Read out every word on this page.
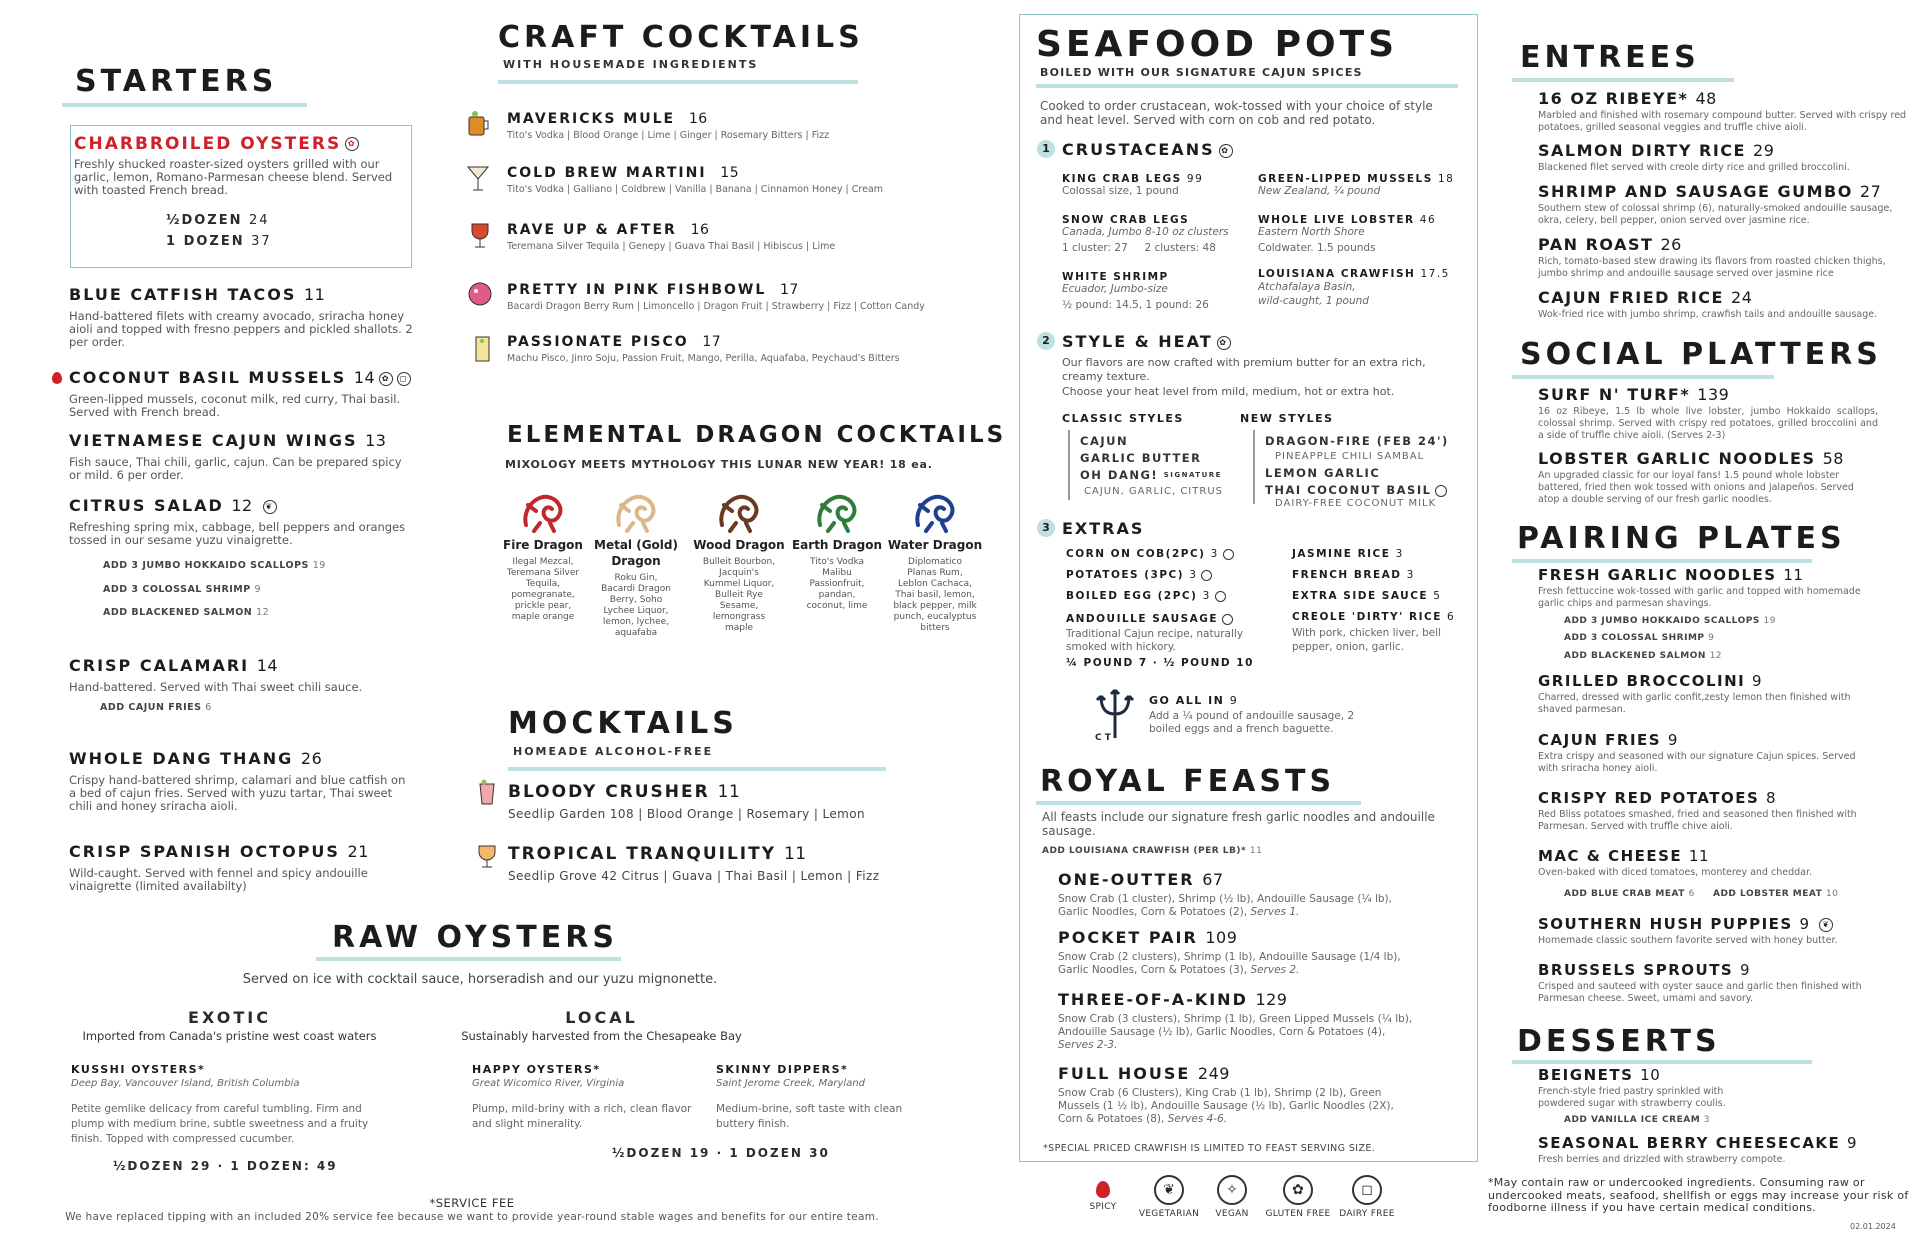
STARTERS
CHARBROILED OYSTERS ✿
Freshly shucked roaster-sized oysters grilled with our garlic, lemon, Romano-Parmesan cheese blend. Served with toasted French bread.
½DOZEN 24
1 DOZEN 37
BLUE CATFISH TACOS 11
Hand-battered filets with creamy avocado, sriracha honey aioli and topped with fresno peppers and pickled shallots. 2 per order.
COCONUT BASIL MUSSELS 14 ✿ ◻
Green-lipped mussels, coconut milk, red curry, Thai basil. Served with French bread.
VIETNAMESE CAJUN WINGS 13
Fish sauce, Thai chili, garlic, cajun. Can be prepared spicy or mild. 6 per order.
CITRUS SALAD 12 ❦
Refreshing spring mix, cabbage, bell peppers and oranges tossed in our sesame yuzu vinaigrette.
ADD 3 JUMBO HOKKAIDO SCALLOPS 19
ADD 3 COLOSSAL SHRIMP 9
ADD BLACKENED SALMON 12
CRISP CALAMARI 14
Hand-battered. Served with Thai sweet chili sauce.
ADD CAJUN FRIES 6
WHOLE DANG THANG 26
Crispy hand-battered shrimp, calamari and blue catfish on a bed of cajun fries. Served with yuzu tartar, Thai sweet chili and honey sriracha aioli.
CRISP SPANISH OCTOPUS 21
Wild-caught. Served with fennel and spicy andouille vinaigrette (limited availabilty)
CRAFT COCKTAILS
WITH HOUSEMADE INGREDIENTS
MAVERICKS MULE 16
Tito's Vodka | Blood Orange | Lime | Ginger | Rosemary Bitters | Fizz
COLD BREW MARTINI 15
Tito's Vodka | Galliano | Coldbrew | Vanilla | Banana | Cinnamon Honey | Cream
RAVE UP & AFTER 16
Teremana Silver Tequila | Genepy | Guava Thai Basil | Hibiscus | Lime
PRETTY IN PINK FISHBOWL 17
Bacardi Dragon Berry Rum | Limoncello | Dragon Fruit | Strawberry | Fizz | Cotton Candy
PASSIONATE PISCO 17
Machu Pisco, Jinro Soju, Passion Fruit, Mango, Perilla, Aquafaba, Peychaud's Bitters
ELEMENTAL DRAGON COCKTAILS
MIXOLOGY MEETS MYTHOLOGY THIS LUNAR NEW YEAR! 18 ea.
Fire Dragon
Ilegal Mezcal, Teremana Silver Tequila, pomegranate, prickle pear, maple orange
Metal (Gold) Dragon
Roku Gin, Bacardi Dragon Berry, Soho Lychee Liquor, lemon, lychee, aquafaba
Wood Dragon
Bulleit Bourbon, Jacquin's Kummel Liquor, Bulleit Rye Sesame, lemongrass maple
Earth Dragon
Tito's Vodka Malibu Passionfruit, pandan, coconut, lime
Water Dragon
Diplomatico Planas Rum, Leblon Cachaca, Thai basil, lemon, black pepper, milk punch, eucalyptus bitters
MOCKTAILS
HOMEADE ALCOHOL-FREE
BLOODY CRUSHER 11
Seedlip Garden 108 | Blood Orange | Rosemary | Lemon
TROPICAL TRANQUILITY 11
Seedlip Grove 42 Citrus | Guava | Thai Basil | Lemon | Fizz
RAW OYSTERS
Served on ice with cocktail sauce, horseradish and our yuzu mignonette.
EXOTIC
Imported from Canada's pristine west coast waters
LOCAL
Sustainably harvested from the Chesapeake Bay
KUSSHI OYSTERS*
Deep Bay, Vancouver Island, British Columbia
Petite gemlike delicacy from careful tumbling. Firm and plump with medium brine, subtle sweetness and a fruity finish. Topped with compressed cucumber.
½DOZEN 29 · 1 DOZEN: 49
HAPPY OYSTERS*
Great Wicomico River, Virginia
Plump, mild-briny with a rich, clean flavor and slight minerality.
SKINNY DIPPERS*
Saint Jerome Creek, Maryland
Medium-brine, soft taste with clean buttery finish.
½DOZEN 19 · 1 DOZEN 30
*SERVICE FEE
We have replaced tipping with an included 20% service fee because we want to provide year-round stable wages and benefits for our entire team.
SEAFOOD POTS
BOILED WITH OUR SIGNATURE CAJUN SPICES
Cooked to order crustacean, wok-tossed with your choice of style and heat level. Served with corn on cob and red potato.
1 CRUSTACEANS ✿
KING CRAB LEGS 99
Colossal size, 1 pound
GREEN-LIPPED MUSSELS 18
New Zealand, ¼ pound
SNOW CRAB LEGS
Canada, Jumbo 8-10 oz clusters
1 cluster: 27     2 clusters: 48
WHOLE LIVE LOBSTER 46
Eastern North Shore
Coldwater. 1.5 pounds
WHITE SHRIMP
Ecuador, Jumbo-size
½ pound: 14.5, 1 pound: 26
LOUISIANA CRAWFISH 17.5
Atchafalaya Basin,
wild-caught, 1 pound
2 STYLE & HEAT ✿
Our flavors are now crafted with premium butter for an extra rich, creamy texture.
Choose your heat level from mild, medium, hot or extra hot.
CLASSIC STYLES
CAJUN
GARLIC BUTTER
OH DANG! SIGNATURE
CAJUN, GARLIC, CITRUS
NEW STYLES
DRAGON-FIRE (FEB 24')
PINEAPPLE CHILI SAMBAL
LEMON GARLIC
THAI COCONUT BASIL
DAIRY-FREE COCONUT MILK
3 EXTRAS
CORN ON COB(2PC) 3
POTATOES (3PC) 3
BOILED EGG (2PC) 3
JASMINE RICE 3
FRENCH BREAD 3
EXTRA SIDE SAUCE 5
ANDOUILLE SAUSAGE
Traditional Cajun recipe, naturally smoked with hickory.
¼ POUND 7 · ½ POUND 10
CREOLE 'DIRTY' RICE 6
With pork, chicken liver, bell pepper, onion, garlic.
C T
GO ALL IN 9
Add a ¼ pound of andouille sausage, 2 boiled eggs and a french baguette.
ROYAL FEASTS
All feasts include our signature fresh garlic noodles and andouille sausage.
ADD LOUISIANA CRAWFISH (PER LB)* 11
ONE-OUTTER 67
Snow Crab (1 cluster), Shrimp (½ lb), Andouille Sausage (¼ lb), Garlic Noodles, Corn & Potatoes (2), Serves 1.
POCKET PAIR 109
Snow Crab (2 clusters), Shrimp (1 lb), Andouille Sausage (1/4 lb), Garlic Noodles, Corn & Potatoes (3), Serves 2.
THREE-OF-A-KIND 129
Snow Crab (3 clusters), Shrimp (1 lb), Green Lipped Mussels (¼ lb), Andouille Sausage (½ lb), Garlic Noodles, Corn & Potatoes (4), Serves 2-3.
FULL HOUSE 249
Snow Crab (6 Clusters), King Crab (1 lb), Shrimp (2 lb), Green Mussels (1 ½ lb), Andouille Sausage (½ lb), Garlic Noodles (2X), Corn & Potatoes (8), Serves 4-6.
*SPECIAL PRICED CRAWFISH IS LIMITED TO FEAST SERVING SIZE.
SPICY
❦
VEGETARIAN
✧
VEGAN
✿
GLUTEN FREE
◻
DAIRY FREE
ENTREES
16 OZ RIBEYE* 48
Marbled and finished with rosemary compound butter. Served with crispy red potatoes, grilled seasonal veggies and truffle chive aioli.
SALMON DIRTY RICE 29
Blackened filet served with creole dirty rice and grilled broccolini.
SHRIMP AND SAUSAGE GUMBO 27
Southern stew of colossal shrimp (6), naturally-smoked andouille sausage, okra, celery, bell pepper, onion served over jasmine rice.
PAN ROAST 26
Rich, tomato-based stew drawing its flavors from roasted chicken thighs, jumbo shrimp and andouille sausage served over jasmine rice
CAJUN FRIED RICE 24
Wok-fried rice with jumbo shrimp, crawfish tails and andouille sausage.
SOCIAL PLATTERS
SURF N' TURF* 139
16 oz Ribeye, 1.5 lb whole live lobster, jumbo Hokkaido scallops, colossal shrimp. Served with crispy red potatoes, grilled broccolini and a side of truffle chive aioli. (Serves 2-3)
LOBSTER GARLIC NOODLES 58
An upgraded classic for our loyal fans! 1.5 pound whole lobster battered, fried then wok tossed with onions and jalapeños. Served atop a double serving of our fresh garlic noodles.
PAIRING PLATES
FRESH GARLIC NOODLES 11
Fresh fettuccine wok-tossed with garlic and topped with homemade garlic chips and parmesan shavings.
ADD 3 JUMBO HOKKAIDO SCALLOPS 19
ADD 3 COLOSSAL SHRIMP 9
ADD BLACKENED SALMON 12
GRILLED BROCCOLINI 9
Charred, dressed with garlic confit,zesty lemon then finished with shaved parmesan.
CAJUN FRIES 9
Extra crispy and seasoned with our signature Cajun spices. Served with sriracha honey aioli.
CRISPY RED POTATOES 8
Red Bliss potatoes smashed, fried and seasoned then finished with Parmesan. Served with truffle chive aioli.
MAC & CHEESE 11
Oven-baked with diced tomatoes, monterey and cheddar.
ADD BLUE CRAB MEAT 6 ADD LOBSTER MEAT 10
SOUTHERN HUSH PUPPIES 9 ❦
Homemade classic southern favorite served with honey butter.
BRUSSELS SPROUTS 9
Crisped and sauteed with oyster sauce and garlic then finished with Parmesan cheese. Sweet, umami and savory.
DESSERTS
BEIGNETS 10
French-style fried pastry sprinkled with powdered sugar with strawberry coulis.
ADD VANILLA ICE CREAM 3
SEASONAL BERRY CHEESECAKE 9
Fresh berries and drizzled with strawberry compote.
*May contain raw or undercooked ingredients. Consuming raw or undercooked meats, seafood, shellfish or eggs may increase your risk of foodborne illness if you have certain medical conditions.
02.01.2024
